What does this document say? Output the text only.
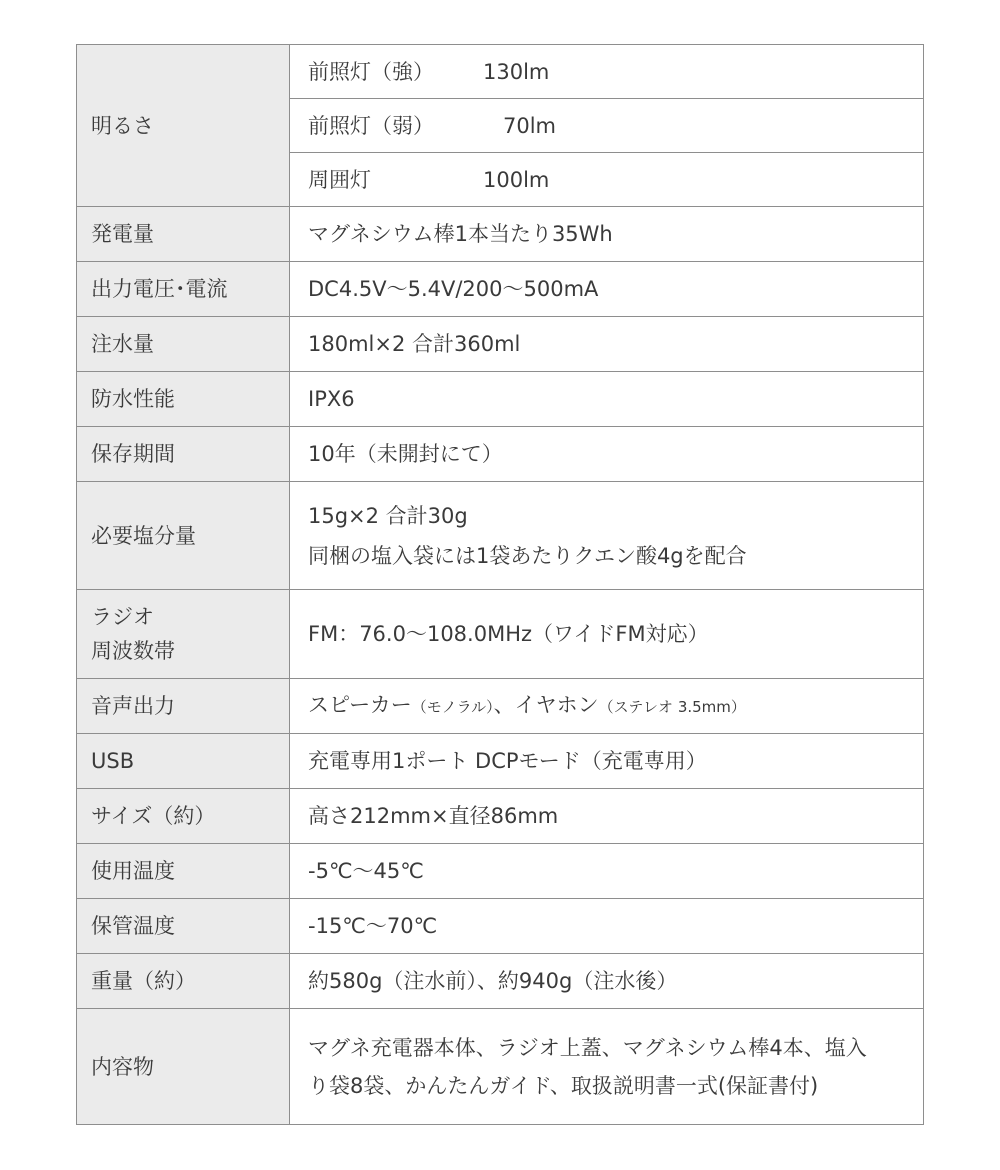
明るさ	前照灯（強） 130lm
	前照灯（弱） 70lm
	周囲灯 100lm
発電量	マグネシウム棒1本当たり35Wh
出力電圧･電流	DC4.5V〜5.4V/200〜500mA
注水量	180ml×2 合計360ml
防水性能	IPX6
保存期間	10年（未開封にて）
必要塩分量	15g×2 合計30g
同梱の塩入袋には1袋あたりクエン酸4gを配合

ラジオ
周波数帯	FM：76.0〜108.0MHz（ワイドFM対応）
音声出力	スピーカー（モノラル）、イヤホン（ステレオ 3.5mm）
USB	充電専用1ポート DCPモード（充電専用）
サイズ（約）	高さ212mm×直径86mm
使用温度	-5℃〜45℃
保管温度	-15℃〜70℃
重量（約）	約580g（注水前）、約940g（注水後）
内容物	マグネ充電器本体、ラジオ上蓋、マグネシウム棒4本、塩入
り袋8袋、かんたんガイド、取扱説明書一式(保証書付)
